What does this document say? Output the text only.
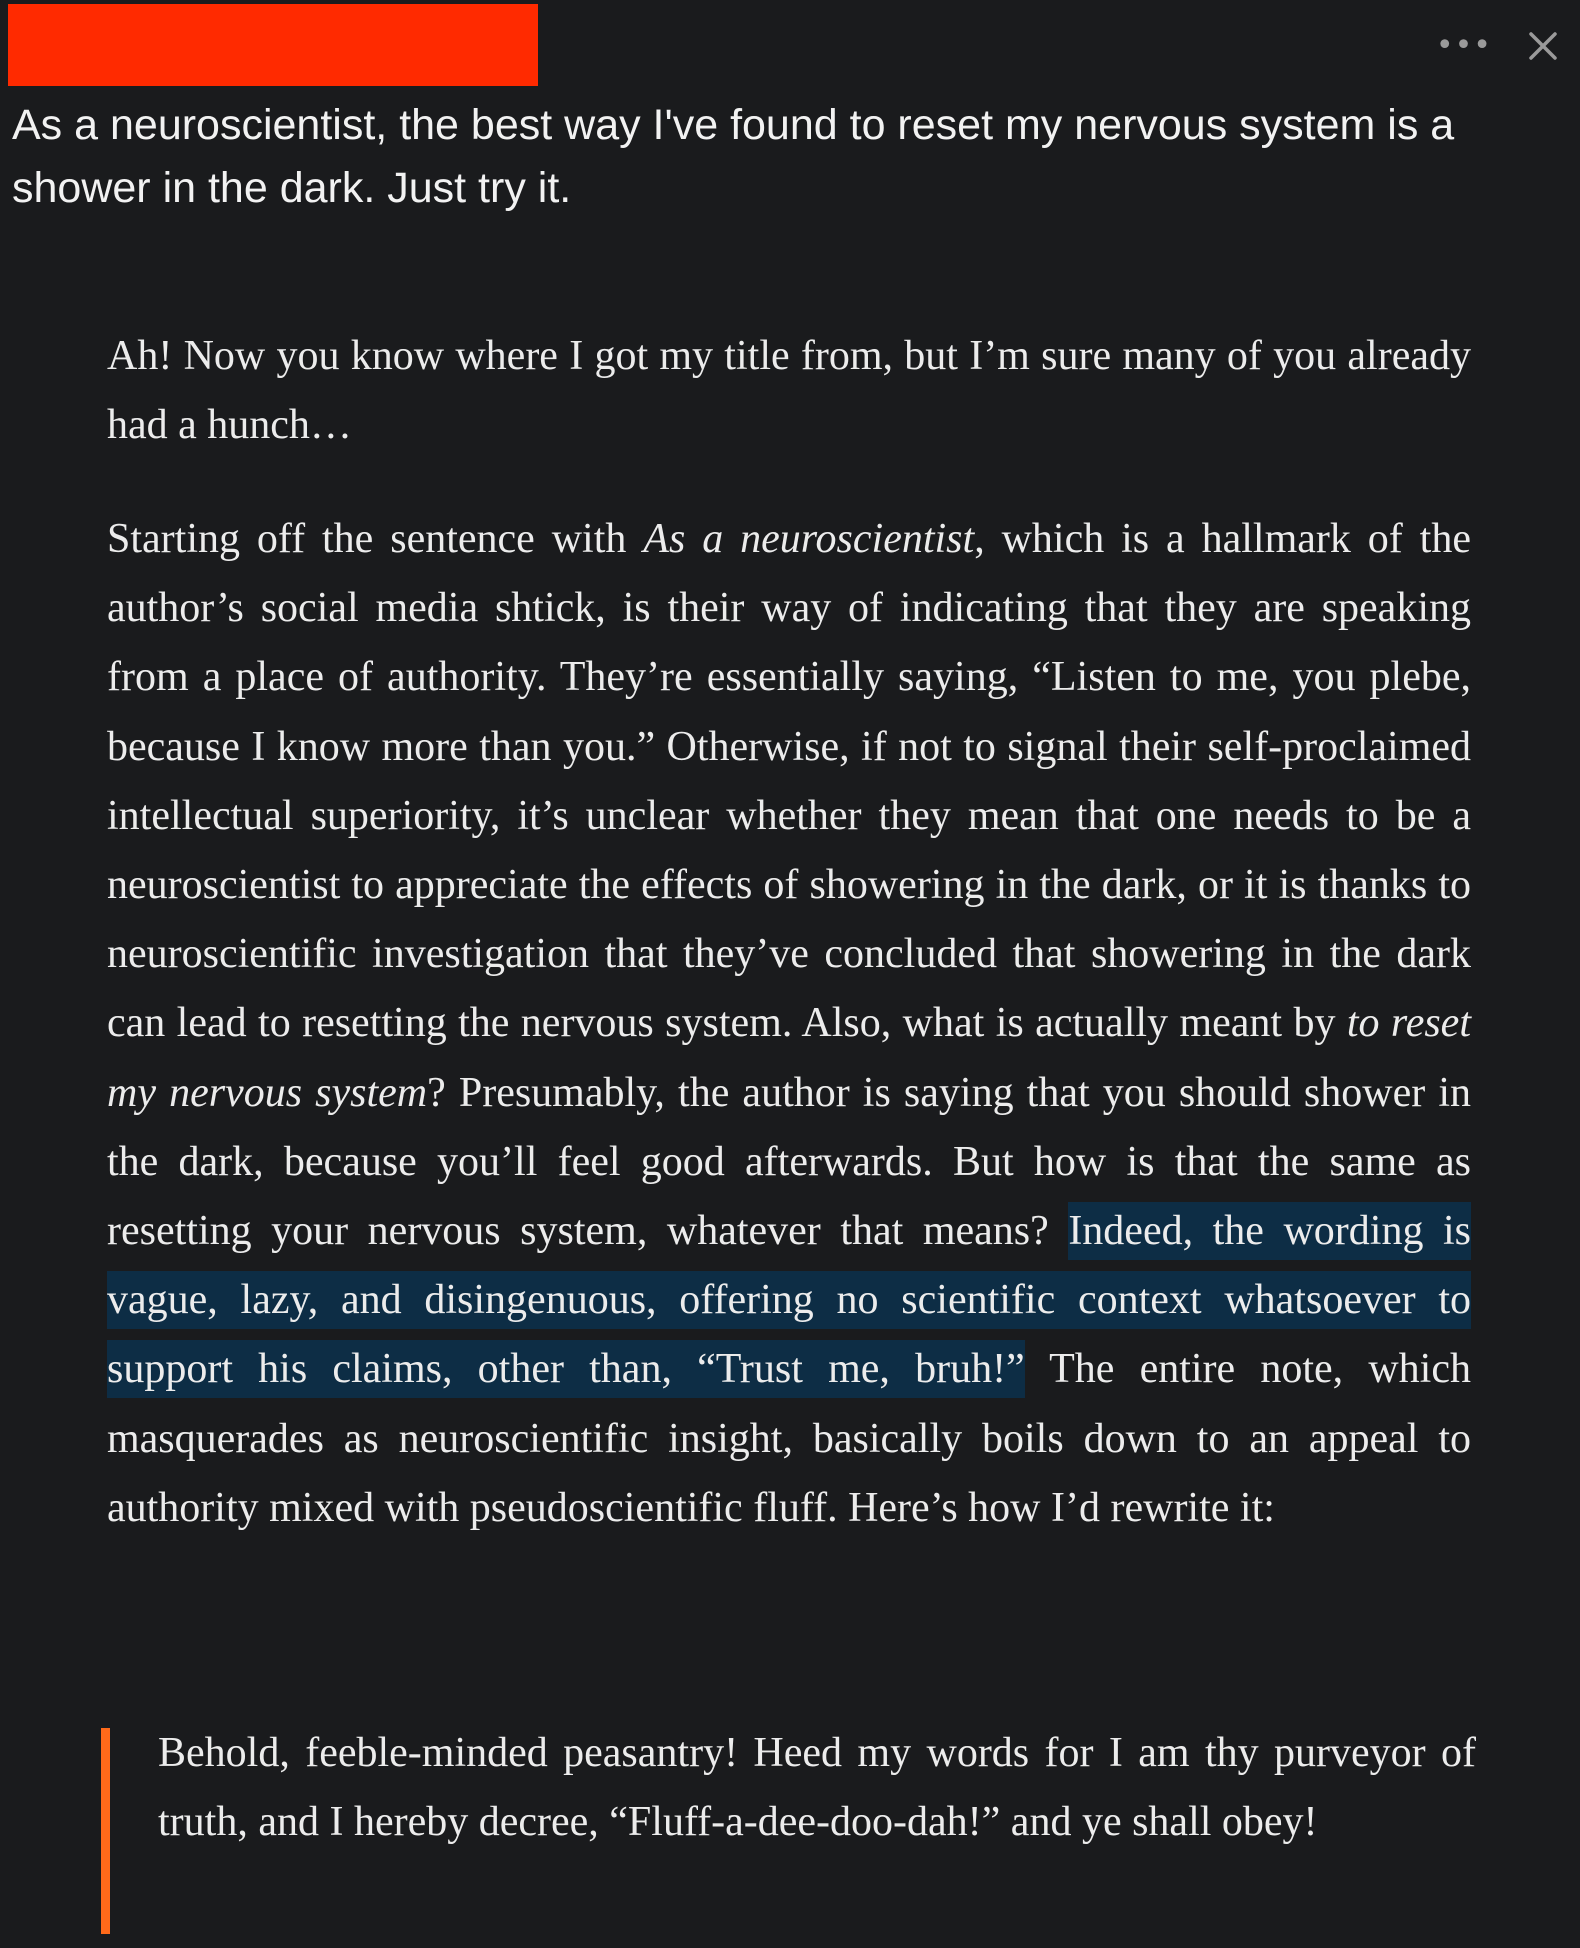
•••
As a neuroscientist, the best way I've found to reset my nervous system is a shower in the dark. Just try it.

Ah! Now you know where I got my title from, but I’m sure many of you already had a hunch…

Starting off the sentence with As a neuroscientist, which is a hallmark of the author’s social media shtick, is their way of indicating that they are speaking from a place of authority. They’re essentially saying, “Listen to me, you plebe, because I know more than you.” Otherwise, if not to signal their self-proclaimed intellectual superiority, it’s unclear whether they mean that one needs to be a neuroscientist to appreciate the effects of showering in the dark, or it is thanks to neuroscientific investigation that they’ve concluded that showering in the dark can lead to resetting the nervous system. Also, what is actually meant by to reset my nervous system? Presumably, the author is saying that you should shower in the dark, because you’ll feel good afterwards. But how is that the same as resetting your nervous system, whatever that means? Indeed, the wording is vague, lazy, and disingenuous, offering no scientific context whatsoever to support his claims, other than, “Trust me, bruh!” The entire note, which masquerades as neuroscientific insight, basically boils down to an appeal to authority mixed with pseudoscientific fluff. Here’s how I’d rewrite it:

Behold, feeble-minded peasantry! Heed my words for I am thy purveyor of truth, and I hereby decree, “Fluff-a-dee-doo-dah!” and ye shall obey!
